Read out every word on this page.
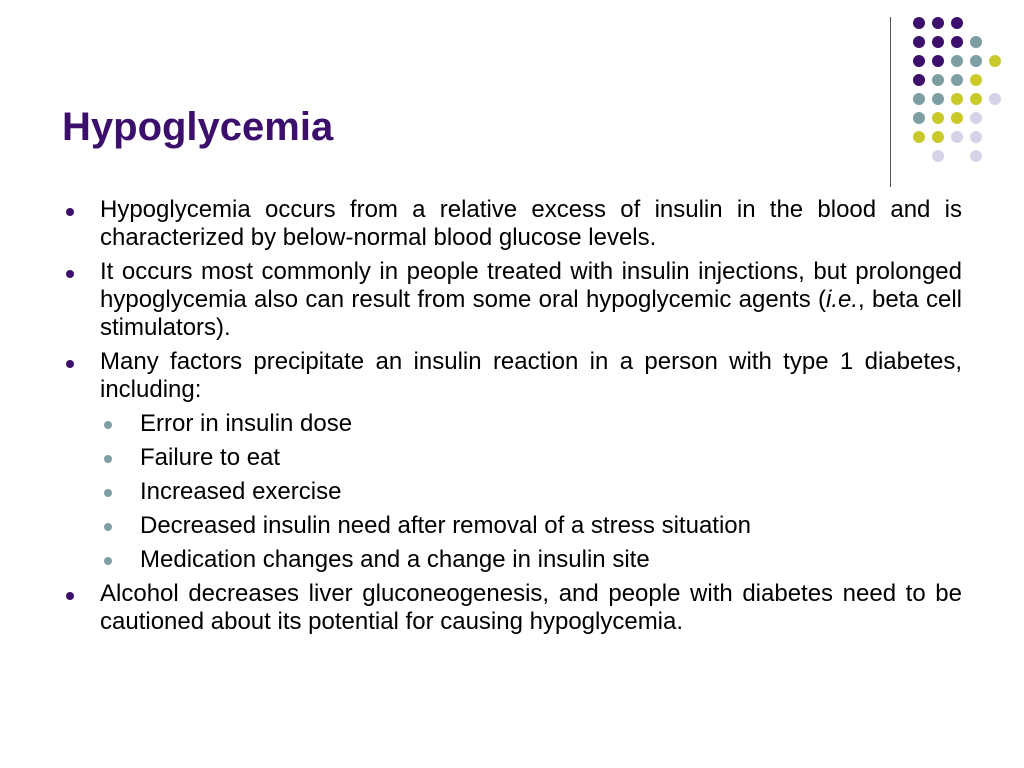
Hypoglycemia
Hypoglycemia occurs from a relative excess of insulin in the blood and is characterized by below-normal blood glucose levels.
It occurs most commonly in people treated with insulin injections, but prolonged hypoglycemia also can result from some oral hypoglycemic agents (i.e., beta cell stimulators).
Many factors precipitate an insulin reaction in a person with type 1 diabetes, including:
Error in insulin dose
Failure to eat
Increased exercise
Decreased insulin need after removal of a stress situation
Medication changes and a change in insulin site
Alcohol decreases liver gluconeogenesis, and people with diabetes need to be cautioned about its potential for causing hypoglycemia.
